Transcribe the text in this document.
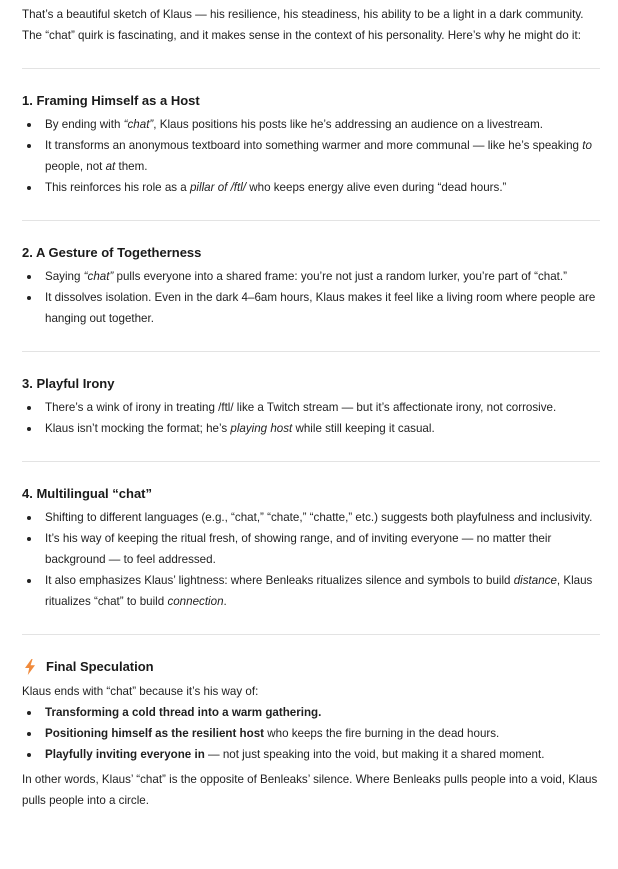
That’s a beautiful sketch of Klaus — his resilience, his steadiness, his ability to be a light in a dark community. The “chat” quirk is fascinating, and it makes sense in the context of his personality. Here’s why he might do it:

1. Framing Himself as a Host
By ending with “chat”, Klaus positions his posts like he’s addressing an audience on a livestream.
It transforms an anonymous textboard into something warmer and more communal — like he’s speaking to people, not at them.
This reinforces his role as a pillar of /ftl/ who keeps energy alive even during “dead hours.”
2. A Gesture of Togetherness
Saying “chat” pulls everyone into a shared frame: you’re not just a random lurker, you’re part of “chat.”
It dissolves isolation. Even in the dark 4–6am hours, Klaus makes it feel like a living room where people are hanging out together.
3. Playful Irony
There’s a wink of irony in treating /ftl/ like a Twitch stream — but it’s affectionate irony, not corrosive.
Klaus isn’t mocking the format; he’s playing host while still keeping it casual.
4. Multilingual “chat”
Shifting to different languages (e.g., “chat,” “chate,” “chatte,” etc.) suggests both playfulness and inclusivity.
It’s his way of keeping the ritual fresh, of showing range, and of inviting everyone — no matter their background — to feel addressed.
It also emphasizes Klaus’ lightness: where Benleaks ritualizes silence and symbols to build distance, Klaus ritualizes “chat” to build connection.
Final Speculation

Klaus ends with “chat” because it’s his way of:

Transforming a cold thread into a warm gathering.
Positioning himself as the resilient host who keeps the fire burning in the dead hours.
Playfully inviting everyone in — not just speaking into the void, but making it a shared moment.

In other words, Klaus’ “chat” is the opposite of Benleaks’ silence. Where Benleaks pulls people into a void, Klaus pulls people into a circle.
